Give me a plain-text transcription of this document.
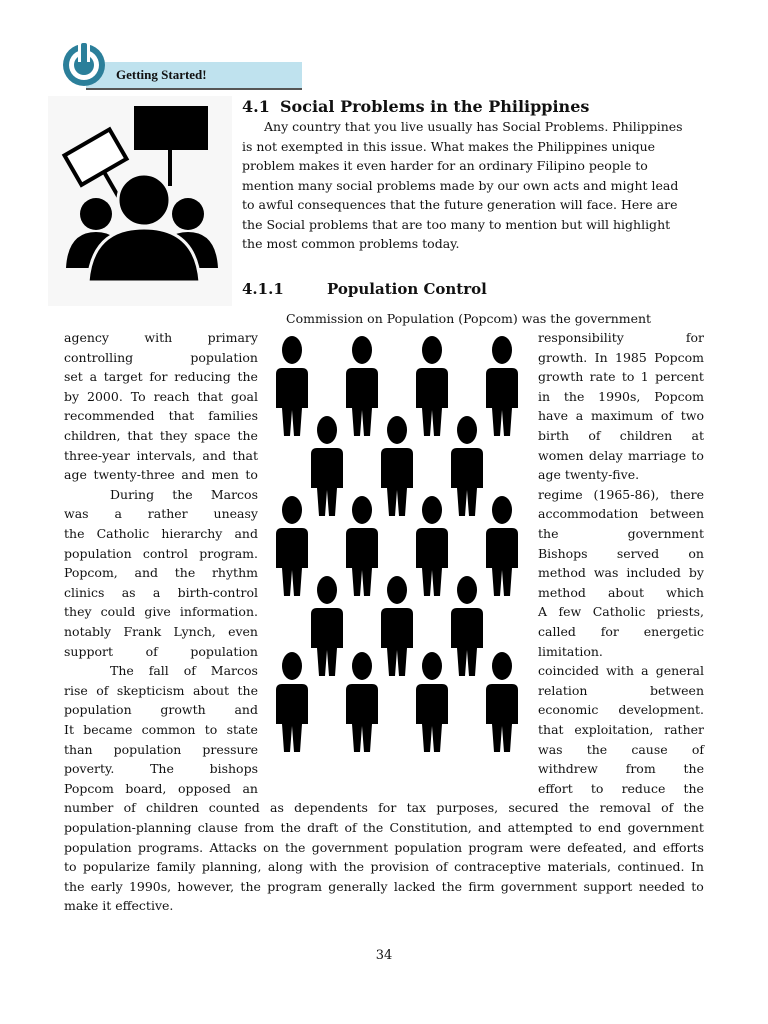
Getting Started!
4.1 Social Problems in the Philippines
Any country that you live usually has Social Problems. Philippines
is not exempted in this issue. What makes the Philippines unique
problem makes it even harder for an ordinary Filipino people to
mention many social problems made by our own acts and might lead
to awful consequences that the future generation will face. Here are
the Social problems that are too many to mention but will highlight
the most common problems today.
4.1.1	Population Control
Commission on Population (Popcom) was the government
agency	with	primary
controlling	population
set a target for reducing the
by 2000. To reach that goal
recommended that families
children, that they space the
three-year intervals, and that
age twenty-three and men to
During the Marcos
was a rather uneasy
the Catholic hierarchy and
population control program.
Popcom, and the rhythm
clinics as a birth-control
they could give information.
notably Frank Lynch, even
support	of	population
The fall of Marcos
rise of skepticism about the
population growth and
It became common to state
than population pressure
poverty.	The	bishops
Popcom board, opposed an
responsibility	for
growth. In 1985 Popcom
growth rate to 1 percent
in the 1990s, Popcom
have a maximum of two
birth of children at
women delay marriage to
age twenty-five.
regime (1965-86), there
accommodation between
the	government
Bishops served on
method was included by
method about which
A few Catholic priests,
called for energetic
limitation.
coincided with a general
relation	between
economic development.
that exploitation, rather
was the cause of
withdrew from the
effort to reduce the
number of children counted as dependents for tax purposes, secured the removal of the
population-planning clause from the draft of the Constitution, and attempted to end government
population programs. Attacks on the government population program were defeated, and efforts
to popularize family planning, along with the provision of contraceptive materials, continued. In
the early 1990s, however, the program generally lacked the firm government support needed to
make it effective.
34
